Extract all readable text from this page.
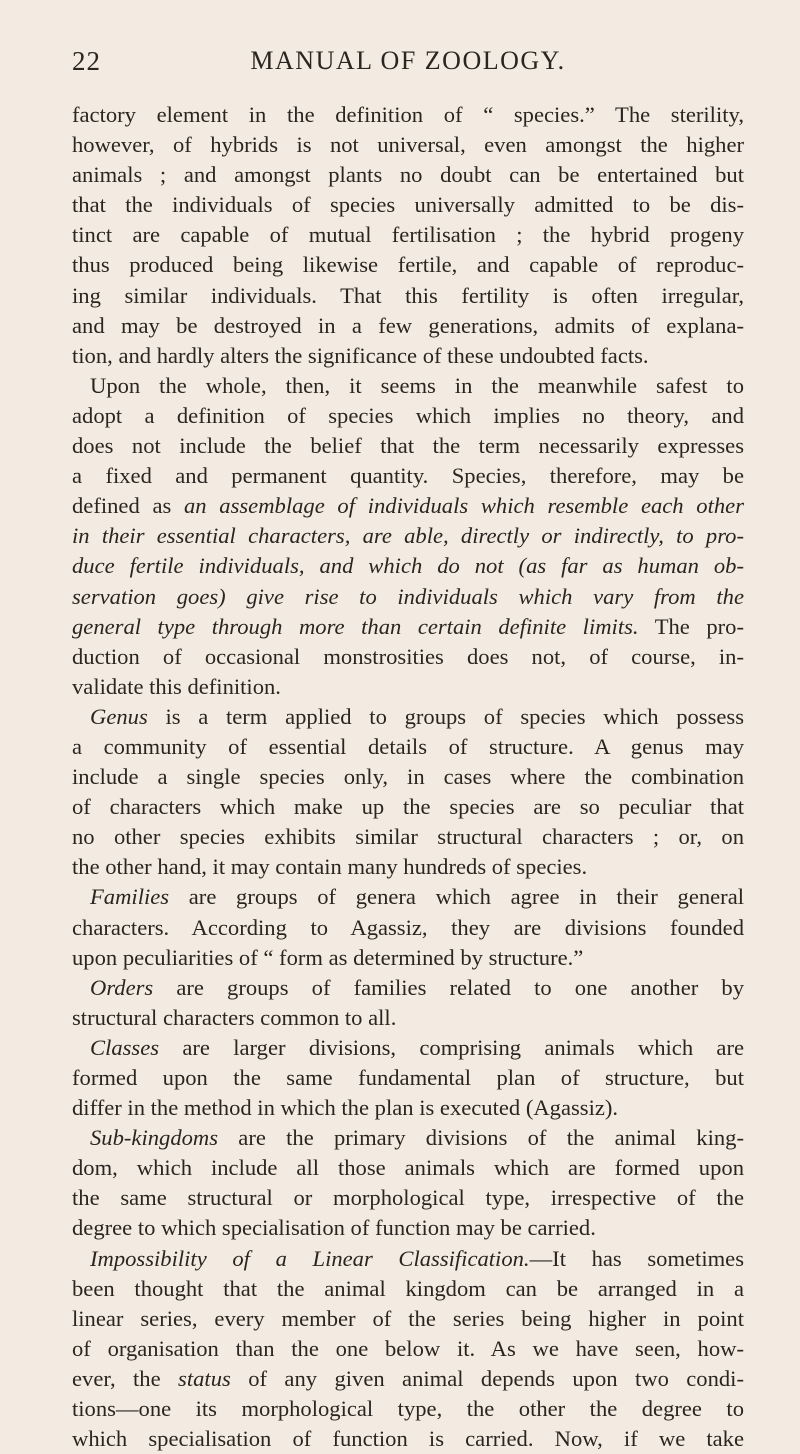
22	MANUAL OF ZOOLOGY.

factory element in the definition of “ species.” The sterility,

however, of hybrids is not universal, even amongst the higher

animals ; and amongst plants no doubt can be entertained but

that the individuals of species universally admitted to be dis-

tinct are capable of mutual fertilisation ; the hybrid progeny

thus produced being likewise fertile, and capable of reproduc-

ing similar individuals. That this fertility is often irregular,

and may be destroyed in a few generations, admits of explana-

tion, and hardly alters the significance of these undoubted facts.

Upon the whole, then, it seems in the meanwhile safest to

adopt a definition of species which implies no theory, and

does not include the belief that the term necessarily expresses

a fixed and permanent quantity. Species, therefore, may be

defined as an assemblage of individuals which resemble each other

in their essential characters, are able, directly or indirectly, to pro-

duce fertile individuals, and which do not (as far as human ob-

servation goes) give rise to individuals which vary from the

general type through more than certain definite limits. The pro-

duction of occasional monstrosities does not, of course, in-

validate this definition.

Genus is a term applied to groups of species which possess

a community of essential details of structure. A genus may

include a single species only, in cases where the combination

of characters which make up the species are so peculiar that

no other species exhibits similar structural characters ; or, on

the other hand, it may contain many hundreds of species.

Families are groups of genera which agree in their general

characters. According to Agassiz, they are divisions founded

upon peculiarities of “ form as determined by structure.”

Orders are groups of families related to one another by

structural characters common to all.

Classes are larger divisions, comprising animals which are

formed upon the same fundamental plan of structure, but

differ in the method in which the plan is executed (Agassiz).

Sub-kingdoms are the primary divisions of the animal king-

dom, which include all those animals which are formed upon

the same structural or morphological type, irrespective of the

degree to which specialisation of function may be carried.

Impossibility of a Linear Classification.—It has sometimes

been thought that the animal kingdom can be arranged in a

linear series, every member of the series being higher in point

of organisation than the one below it. As we have seen, how-

ever, the status of any given animal depends upon two condi-

tions—one its morphological type, the other the degree to

which specialisation of function is carried. Now, if we take
